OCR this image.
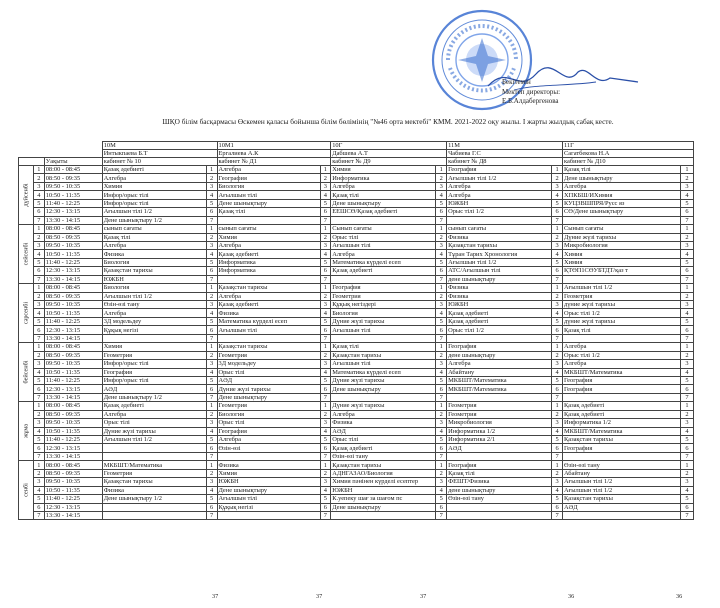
Бекітемін
Мектеп директоры:
Е.Б.Алдабергенова
ШҚО білім басқармасы Өскемен қаласы бойынша білім бөлімінің "№46 орта мектебі" КММ. 2021-2022 оқу жылы. I жарты жылдық сабақ кесте.
			10М		10М1		10Г		11М		11Г	
			Интыкпаева Б.Т		Ергалиева А.К		Дабшева А.Т		Чабиева Г.С		Сагатбекова Н.А	
		Уақыты	кабинет № 10		кабинет № Д1		кабинет № Д9		кабинет № Д8		кабинет № Д10	

дүйсенбі	1	08:00 - 08:45	Қазақ әдебиеті	1	Алгебра	1	Химия	1	География	1	Қазақ тілі	1
	2	08:50 - 09:35	Алгебра	2	География	2	Информатика	2	Ағылшын тілі 1/2	2	Дене шынықтыру	2
	3	09:50 - 10:35	Химия	3	Биология	3	Алгебра	3	Алгебра	3	Алгебра	3
	4	10:50 - 11:35	Инфор/орыс тілі	4	Ағылшын тілі	4	Қазақ тілі	4	Алгебра	4	ХПКБШ/ИХимия	4
	5	11:40 - 12:25	Инфор/орыс тілі	5	Дене шынықтыру	5	Дене шынықтыру	5	ЮЖБН	5	КУЦЗВШПРЯ/Русс яз	5
	6	12:30 - 13:15	Ағылшын тілі 1/2	6	Қазақ тілі	6	ЕЕШСӨ/Қазақ әдебиеті	6	Орыс тілі 1/2	6	СӨ/Дене шынықтыру	6
	7	13:30 - 14:15	Дене шынықтыру 1/2	7		7		7		7		7

сейсенбі	1	08:00 - 08:45	сынып сағаты	1	сынып сағаты	1	Сынып сағаты	1	сынып сағаты	1	Сынып сағаты	1
	2	08:50 - 09:35	Қазақ тілі	2	Химия	2	Орыс тілі	2	Физика	2	Дүние жүзі тарихы	2
	3	09:50 - 10:35	Алгебра	3	Алгебра	3	Ағылшын тілі	3	Қазақстан тарихы	3	Микробиология	3
	4	10:50 - 11:35	Физика	4	Қазақ әдебиеті	4	Алгебра	4	Тұран Тарих Хронология	4	Химия	4
	5	11:40 - 12:25	Биология	5	Информатика	5	Математика күрделі есеп	5	Ағылшын тілі 1/2	5	Химия	5
	6	12:30 - 13:15	Қазақстан тарихы	6	Информатика	6	Қазақ әдебиеті	6	АТС/Ағылшын тілі	6	ҚТӨП1СӨУБТДТ/қаз т	6
	7	13:30 - 14:15	ЮЖБН	7		7		7	дене шынықтыру	7		7

сәрсенбі	1	08:00 - 08:45	Биология	1	Қазақстан тарихы	1	География	1	Физика	1	Ағылшын тілі 1/2	1
	2	08:50 - 09:35	Ағылшын тілі 1/2	2	Алгебра	2	Геометрия	2	Физика	2	Геометрия	2
	3	09:50 - 10:35	Өзін-өзі тану	3	Қазақ әдебиеті	3	Құқық негіздері	3	ЮЖБН	3	дүние жүзі тарихы	3
	4	10:50 - 11:35	Алгебра	4	Физика	4	Биология	4	Қазақ әдебиеті	4	Орыс тілі 1/2	4
	5	11:40 - 12:25	3Д модельдеу	5	Математика күрделі есеп	5	Дүние жүзі тарихы	5	Қазақ әдебиеті	5	дүние жүзі тарихы	5
	6	12:30 - 13:15	Құқық негізі	6	Ағылшын тілі	6	Ағылшын тілі	6	Орыс тілі 1/2	6	Қазақ тілі	6
	7	13:30 - 14:15		7		7		7		7		7

бейсенбі	1	08:00 - 08:45	Химия	1	Қазақстан тарихы	1	Қазақ тілі	1	География	1	Алгебра	1
	2	08:50 - 09:35	Геометрия	2	Геометрия	2	Қазақстан тарихы	2	дене шынықтыру	2	Орыс тілі 1/2	2
	3	09:50 - 10:35	Инфор/орыс тілі	3	3Д модельдеу	3	Ағылшын тілі	3	Алгебра	3	Алгебра	3
	4	10:50 - 11:35	География	4	Орыс тілі	4	Математика күрделі есеп	4	Абайтану	4	МКБШТ/Математика	4
	5	11:40 - 12:25	Инфор/орыс тілі	5	АӘД	5	Дүние жүзі тарихы	5	МКБШТ/Математика	5	География	5
	6	12:30 - 13:15	АӘД	6	Дүние жүзі тарихы	6	Дене шынықтыру	6	МКБШТ/Математика	6	География	6
	7	13:30 - 14:15	Дене шынықтыру 1/2	7	Дене шынықтыру	7		7		7		7

жұма	1	08:00 - 08:45	Қазақ әдебиеті	1	Геометрия	1	Дүние жүзі тарихы	1	Геометрия	1	Қазақ әдебиеті	1
	2	08:50 - 09:35	Алгебра	2	Биология	2	Алгебра	2	Геометрия	2	Қазақ әдебиеті	2
	3	09:50 - 10:35	Орыс тілі	3	Орыс тілі	3	Физика	3	Микробиология	3	Информатика 1/2	3
	4	10:50 - 11:35	Дүние жүзі тарихы	4	География	4	АӘД	4	Информатика 1/2	4	МКБШТ/Математика	4
	5	11:40 - 12:25	Ағылшын тілі 1/2	5	Алгебра	5	Орыс тілі	5	Информатика 2/1	5	Қазақстан тарихы	5
	6	12:30 - 13:15		6	Өзін-өзі	6	Қазақ әдебиеті	6	АӘД	6	География	6
	7	13:30 - 14:15		7		7	Өзін-өзі тану	7		7		7

сенбі	1	08:00 - 08:45	МКБШТ/Математика	1	Физика	1	Қазақстан тарихы	1	География	1	Өзін-өзі тану	1
	2	08:50 - 09:35	Геометрия	2	Химия	2	АДНГАЗАО/Биология	2	Қазақ тілі	2	Абайтану	2
	3	09:50 - 10:35	Қазақстан тарихы	3	ЮЖБН	3	Химия пәнінен күрделі есептер	3	ФЕШТ/Физика	3	Ағылшын тілі 1/2	3
	4	10:50 - 11:35	Физика	4	Дене шынықтыру	4	ЮЖБН	4	дене шынықтыру	4	Ағылшын тілі 1/2	4
	5	11:40 - 12:25	Дене шынықтыру 1/2	5	Ағылшын тілі	5	К.уепеку шағ за шағом пс	5	Өзін-өзі тану	5	Қазақстан тарихы	5
	6	12:30 - 13:15		6	Құқық негізі	6	Дене шынықтыру	6		6	АӘД	6
	7	13:30 - 14:15		7		7		7		7		7
37	37	37	36	36
